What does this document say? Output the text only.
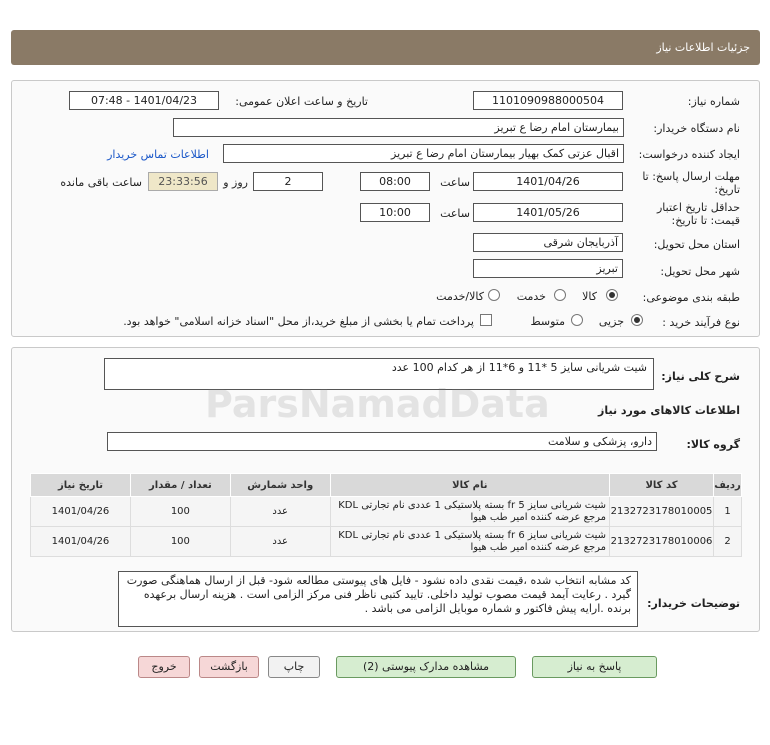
جزئیات اطلاعات نیاز
شماره نیاز:
1101090988000504
تاریخ و ساعت اعلان عمومی:
1401/04/23 - 07:48
نام دستگاه خریدار:
بیمارستان امام رضا ع تبریز
ایجاد کننده درخواست:
اقبال عزتی کمک بهیار بیمارستان امام رضا ع تبریز
اطلاعات تماس خریدار
مهلت ارسال پاسخ: تا
تاریخ:
1401/04/26
ساعت
08:00
2
روز و
23:33:56
ساعت باقی مانده
حداقل تاریخ اعتبار
قیمت: تا تاریخ:
1401/05/26
ساعت
10:00
استان محل تحویل:
آذربایجان شرقی
شهر محل تحویل:
تبریز
طبقه بندی موضوعی:
کالا
خدمت
کالا/خدمت
نوع فرآیند خرید :
جزیی
متوسط
پرداخت تمام یا بخشی از مبلغ خرید،از محل "اسناد خزانه اسلامی" خواهد بود.
شرح کلی نیاز:
شیت شریانی سایز 5 *11 و 6*11 از هر کدام 100 عدد
اطلاعات کالاهای مورد نیاز
گروه کالا:
دارو، پزشکی و سلامت
ردیف	کد کالا	نام کالا	واحد شمارش	تعداد / مقدار	تاریخ نیاز
1	2132723178010005	شیت شریانی سایز fr 5 بسته پلاستیکی 1 عددی نام تجارتی KDL مرجع عرضه کننده امیر طب هیوا	عدد	100	1401/04/26
2	2132723178010006	شیت شریانی سایز fr 6 بسته پلاستیکی 1 عددی نام تجارتی KDL مرجع عرضه کننده امیر طب هیوا	عدد	100	1401/04/26
توضیحات خریدار:
کد مشابه انتخاب شده ،قیمت نقدی داده نشود - فایل های پیوستی مطالعه شود- قبل از ارسال هماهنگی صورت گیرد . رعایت آیمد قیمت مصوب تولید داخلی. تایید کتبی ناظر فنی مرکز الزامی است . هزینه ارسال برعهده برنده .ارایه پیش فاکتور و شماره موبایل الزامی می باشد .
پاسخ به نیاز
مشاهده مدارک پیوستی (2)
چاپ
بازگشت
خروج
